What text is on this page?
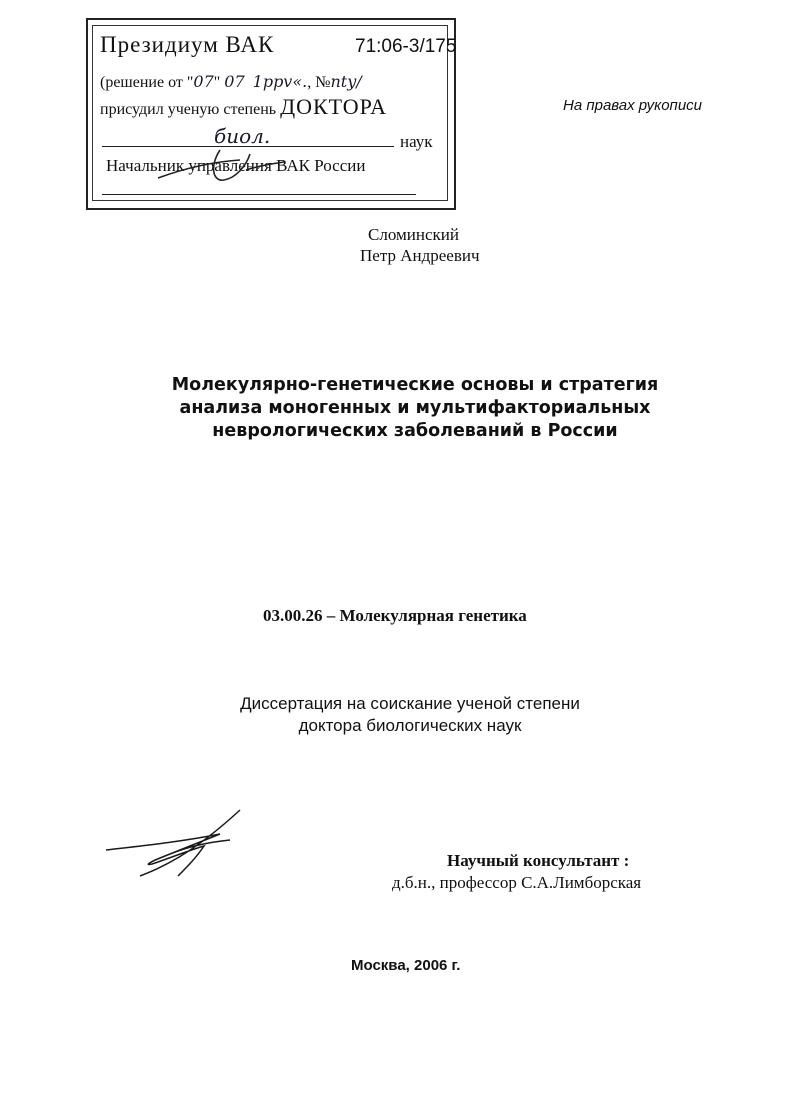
Президиум ВАК
(решение от "07" 07 1ppv«., №nty/
присудил ученую степень ДОКТОРА
биол.	наук
Начальник управления ВАК России
71:06-3/175
На правах рукописи
Сломинский
Петр Андреевич
Молекулярно-генетические основы и стратегия
анализа моногенных и мультифакториальных
неврологических заболеваний в России
03.00.26 – Молекулярная генетика
Диссертация на соискание ученой степени
доктора биологических наук
Научный консультант :
д.б.н., профессор С.А.Лимборская
Москва, 2006 г.
